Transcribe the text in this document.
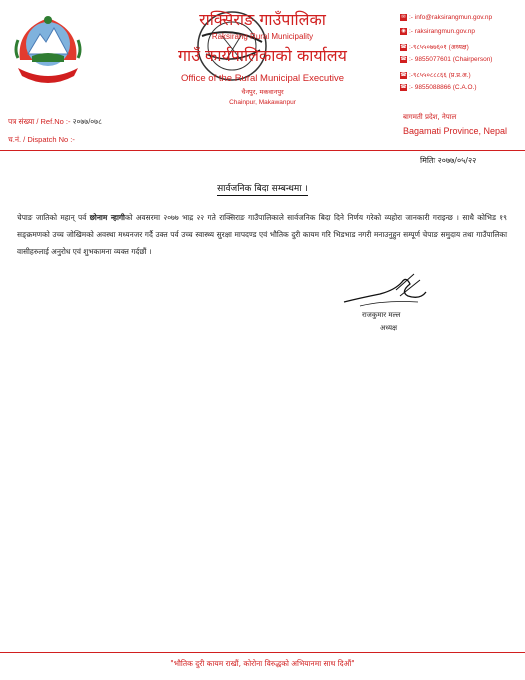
राक्सिराङ गाउँपालिका
Raksirang Rural Municipality
गाउँ कार्यपालिकाको कार्यालय
Office of the Rural Municipal Executive
चैनपुर, मकवानपुर
Chainpur, Makawanpur
✉ :- info@raksirangmun.gov.np
◉ :- raksirangmun.gov.np
☎ :-९८५५०७७६०१ (अध्यक्ष)
☎ :- 9855077601 (Chairperson)
☎ :-९८५५०८८८६६ (प्र.प्र.अ.)
☎ :- 9855088866 (C.A.O.)
पत्र संख्या / Ref.No :- २०७७/०७८
च.नं. / Dispatch No :-
बागमती प्रदेश, नेपाल
Bagamati Province, Nepal
मितिः २०७७/०५/२२
सार्वजनिक बिदा सम्बन्धमा ।
चेपाङ जातिको महान् पर्व छोनाम न्हागीको अवसरमा २०७७ भाद्र २२ गते राक्सिराङ गाउँपालिकाले सार्वजनिक बिदा दिने निर्णय गरेको व्यहोरा जानकारी गराइन्छ । साथै कोभिड १९ सङ्क्रमणको उच्च जोखिमको अवस्था मध्यनजर गर्दै उक्त पर्व उच्च स्वास्थ्य सुरक्षा मापदण्ड एवं भौतिक दुरी कायम गरि भिडभाड नगरी मनाउनुहुन सम्पूर्ण चेपाङ समुदाय तथा गाउँपालिका वासीहरुलाई अनुरोध एवं शुभकामना व्यक्त गर्दछौं ।
राजकुमार मल्ल
अध्यक्ष
"भौतिक दुरी कायम राखौं, कोरोना विरुद्धको अभियानमा साथ दिऔं"
